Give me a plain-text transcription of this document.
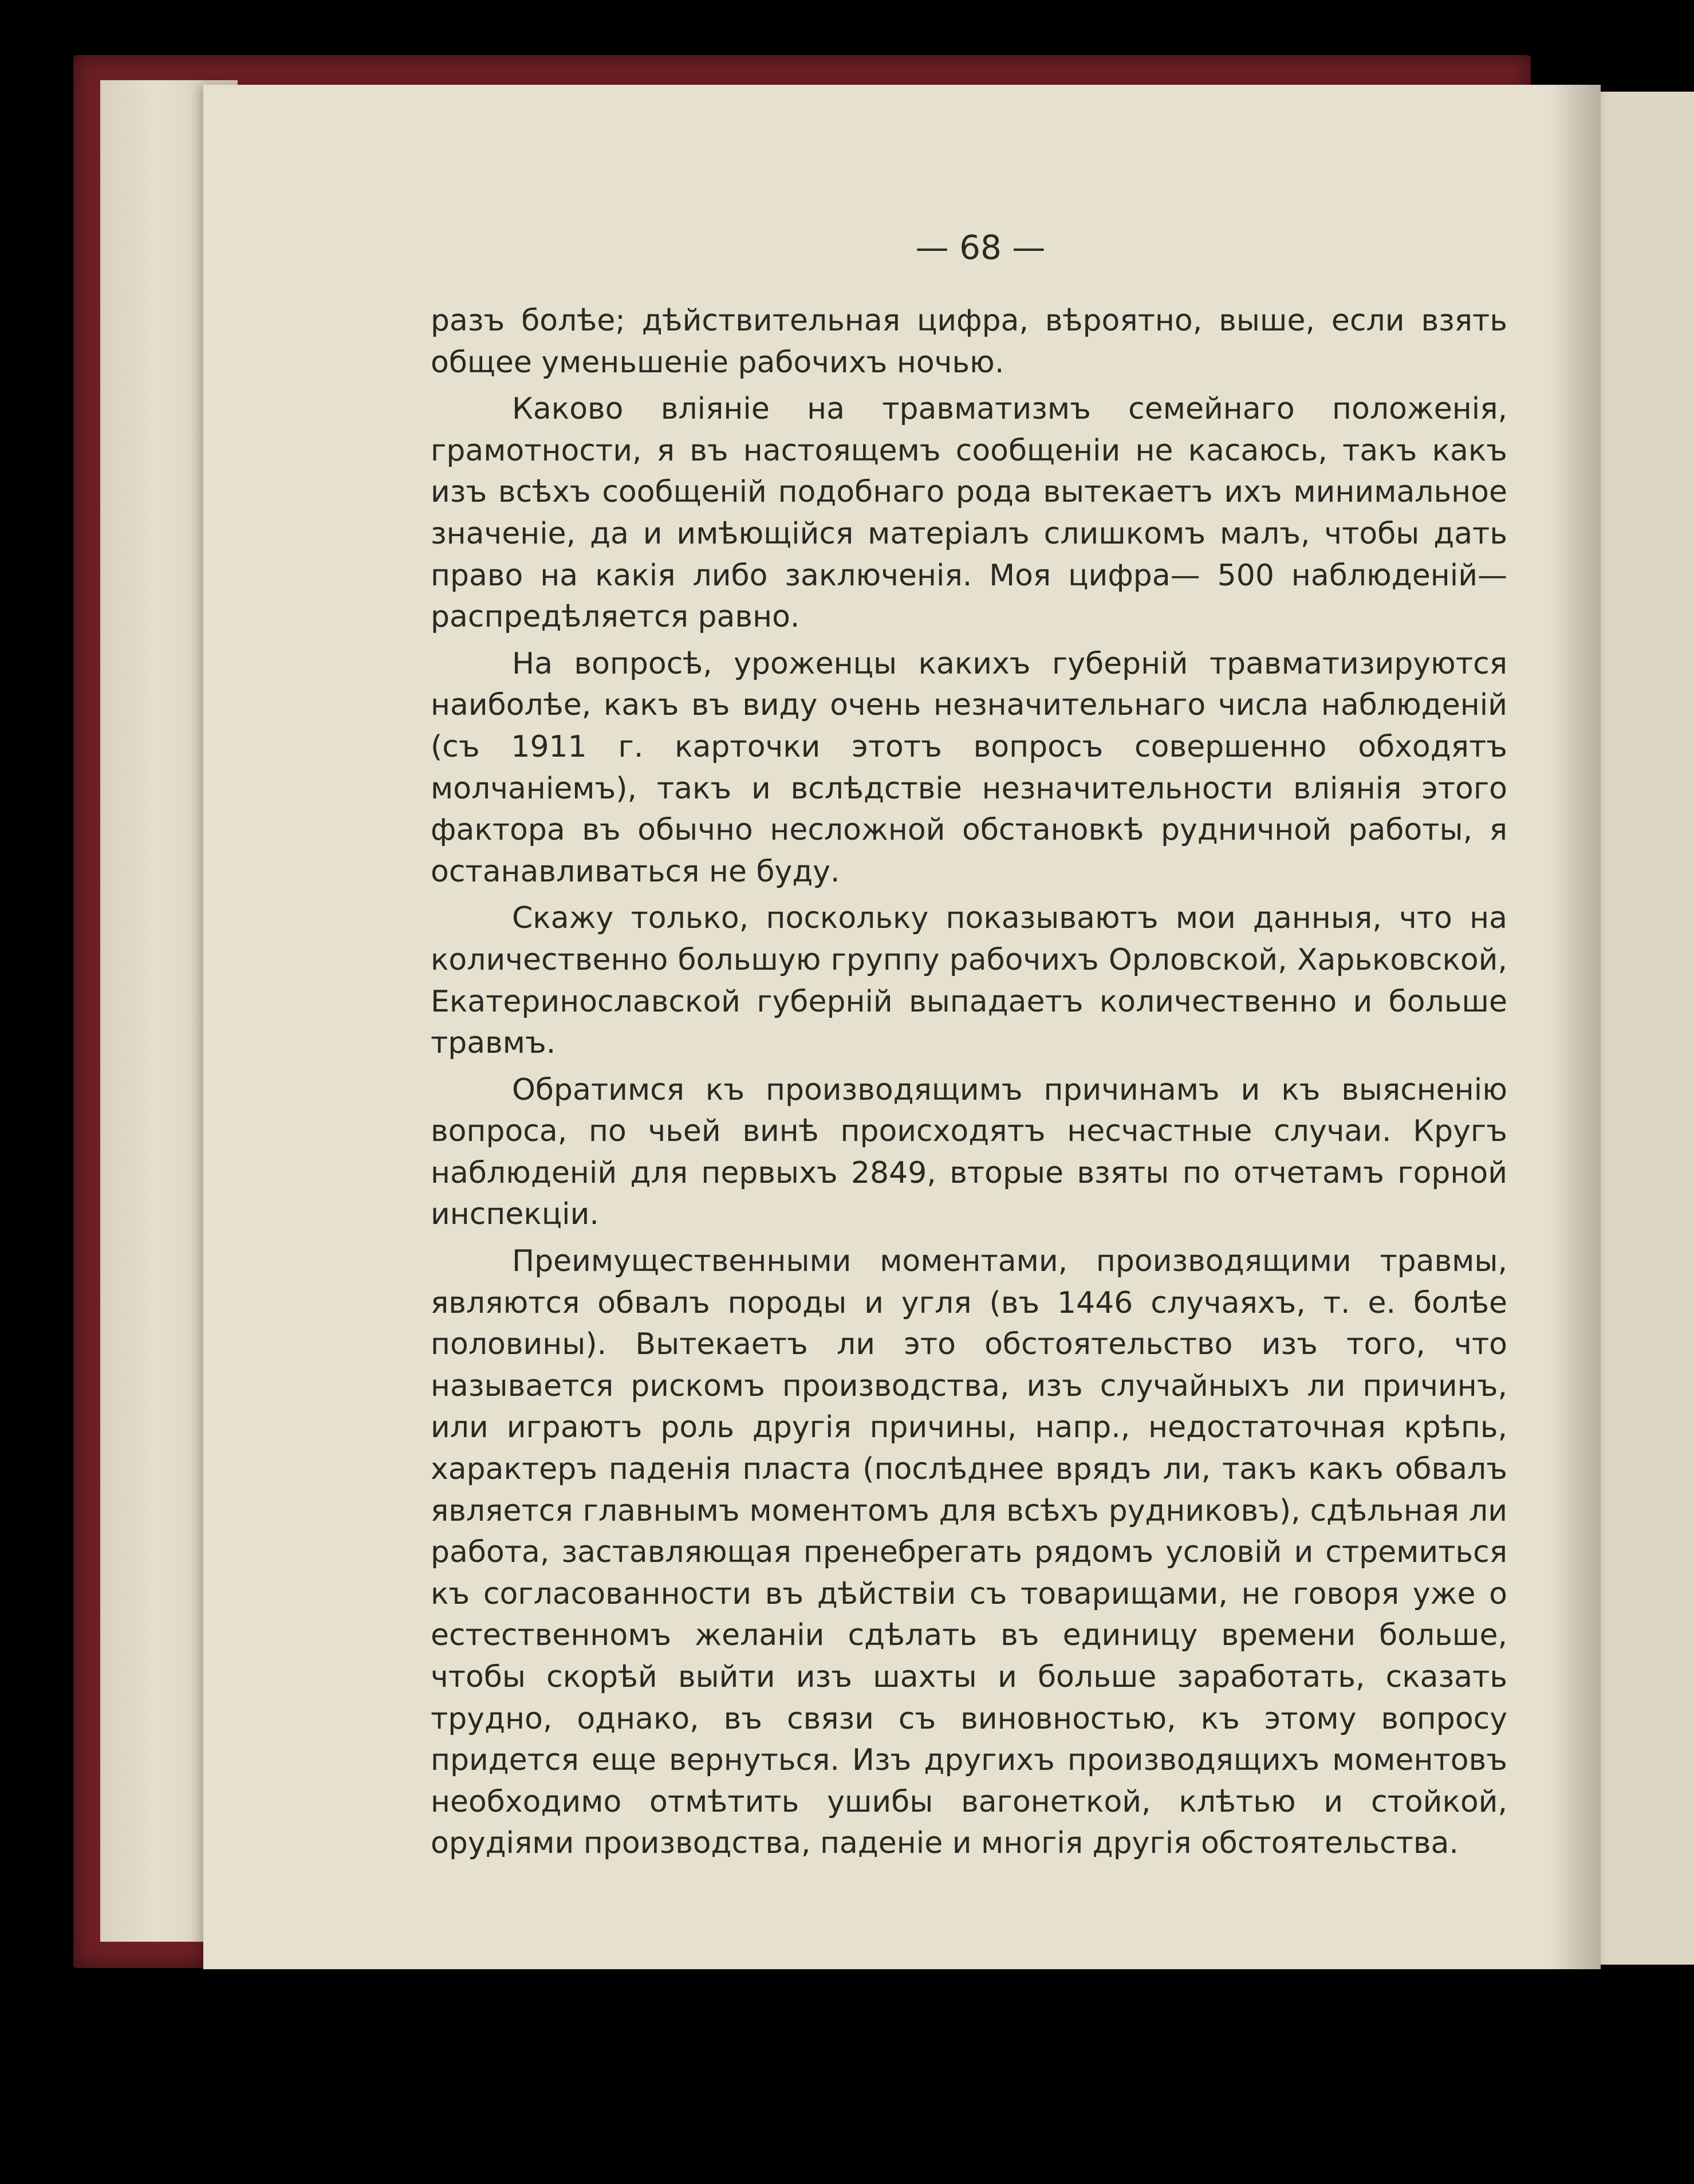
— 68 —

разъ болѣе; дѣйствительная цифра, вѣроятно, выше, если взять общее уменьшеніе рабочихъ ночью.

Каково вліяніе на травматизмъ семейнаго положенія, грамотности, я въ настоящемъ сообщеніи не касаюсь, такъ какъ изъ всѣхъ сообщеній подобнаго рода вытекаетъ ихъ минимальное значеніе, да и имѣющійся матеріалъ слишкомъ малъ, чтобы дать право на какія либо заключенія. Моя цифра— 500 наблюденій—распредѣляется равно.

На вопросѣ, уроженцы какихъ губерній травматизируются наиболѣе, какъ въ виду очень незначительнаго числа наблюденій (съ 1911 г. карточки этотъ вопросъ совершенно обходятъ молчаніемъ), такъ и вслѣдствіе незначительности вліянія этого фактора въ обычно несложной обстановкѣ рудничной работы, я останавливаться не буду.

Скажу только, поскольку показываютъ мои данныя, что на количественно большую группу рабочихъ Орловской, Харьковской, Екатеринославской губерній выпадаетъ количественно и больше травмъ.

Обратимся къ производящимъ причинамъ и къ выясненію вопроса, по чьей винѣ происходятъ несчастные случаи. Кругъ наблюденій для первыхъ 2849, вторые взяты по отчетамъ горной инспекціи.

Преимущественными моментами, производящими травмы, являются обвалъ породы и угля (въ 1446 случаяхъ, т. е. болѣе половины). Вытекаетъ ли это обстоятельство изъ того, что называется рискомъ производства, изъ случайныхъ ли причинъ, или играютъ роль другія причины, напр., недостаточная крѣпь, характеръ паденія пласта (послѣднее врядъ ли, такъ какъ обвалъ является главнымъ моментомъ для всѣхъ рудниковъ), сдѣльная ли работа, заставляющая пренебрегать рядомъ условій и стремиться къ согласованности въ дѣйствіи съ товарищами, не говоря уже о естественномъ желаніи сдѣлать въ единицу времени больше, чтобы скорѣй выйти изъ шахты и больше заработать, сказать трудно, однако, въ связи съ виновностью, къ этому вопросу придется еще вернуться. Изъ другихъ производящихъ моментовъ необходимо отмѣтить ушибы вагонеткой, клѣтью и стойкой, орудіями производства, паденіе и многія другія обстоятельства.
